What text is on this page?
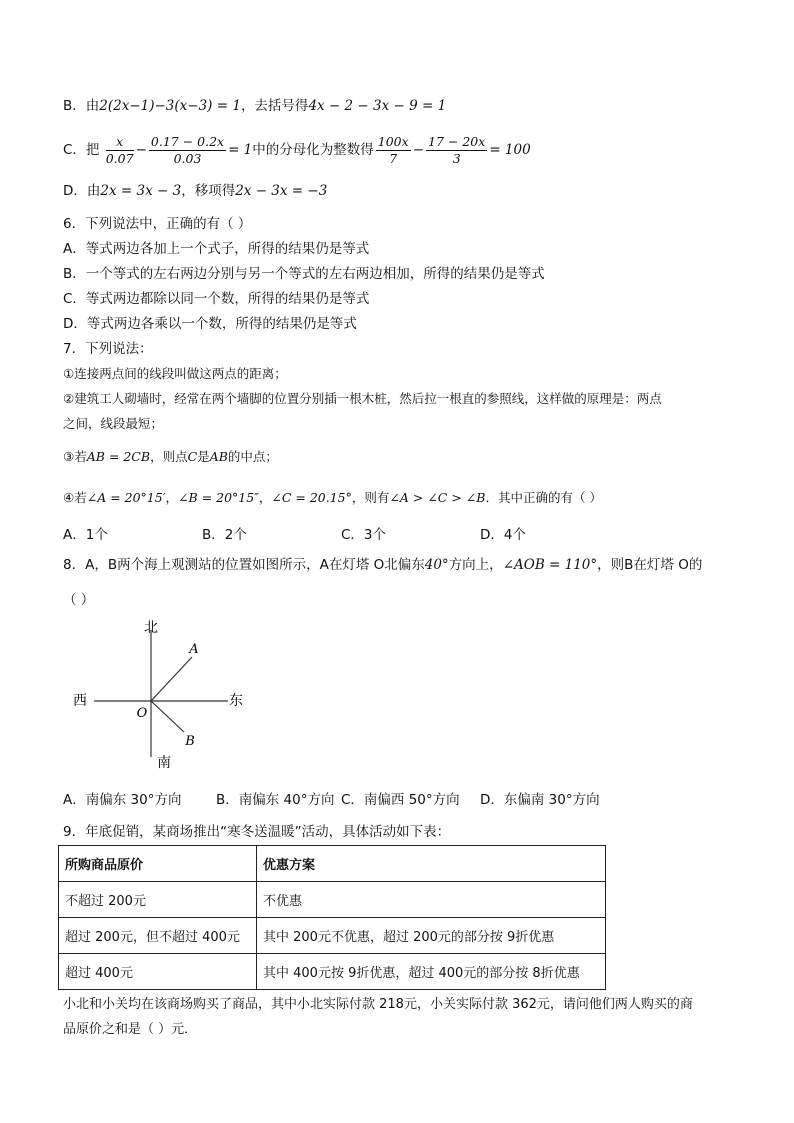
B．由2(2x−1)−3(x−3) = 1，去括号得4x − 2 − 3x − 9 = 1
C．把 $\frac{x}{0.07} - \frac{0.17 - 0.2x}{0.03} = 1$中的分母化为整数得 $\frac{100x}{7} - \frac{17 - 20x}{3} = 100$
D．由2x = 3x − 3，移项得2x − 3x = −3
6．下列说法中，正确的有（ ）
A．等式两边各加上一个式子，所得的结果仍是等式
B．一个等式的左右两边分别与另一个等式的左右两边相加，所得的结果仍是等式
C．等式两边都除以同一个数，所得的结果仍是等式
D．等式两边各乘以一个数，所得的结果仍是等式
7．下列说法：
①连接两点间的线段叫做这两点的距离；
②建筑工人砌墙时，经常在两个墙脚的位置分别插一根木桩，然后拉一根直的参照线，这样做的原理是：两点
之间，线段最短；
③若AB = 2CB，则点C是AB的中点；
④若∠A = 20°15′，∠B = 20°15″，∠C = 20.15°，则有∠A > ∠C > ∠B．其中正确的有（ ）
A．1个	B．2个	C．3个	D．4个
8．A，B两个海上观测站的位置如图所示，A在灯塔 O北偏东40°方向上，∠AOB = 110°，则B在灯塔 O的
（ ）
北
南
西	东
O
A
B
A．南偏东 30°方向	B．南偏东 40°方向 C．南偏西 50°方向 D．东偏南 30°方向
9．年底促销，某商场推出“寒冬送温暖”活动，具体活动如下表：
所购商品原价	优惠方案
不超过 200元	不优惠
超过 200元，但不超过 400元	其中 200元不优惠，超过 200元的部分按 9折优惠
超过 400元	其中 400元按 9折优惠，超过 400元的部分按 8折优惠
小北和小关均在该商场购买了商品，其中小北实际付款 218元，小关实际付款 362元，请问他们两人购买的商
品原价之和是（ ）元．
